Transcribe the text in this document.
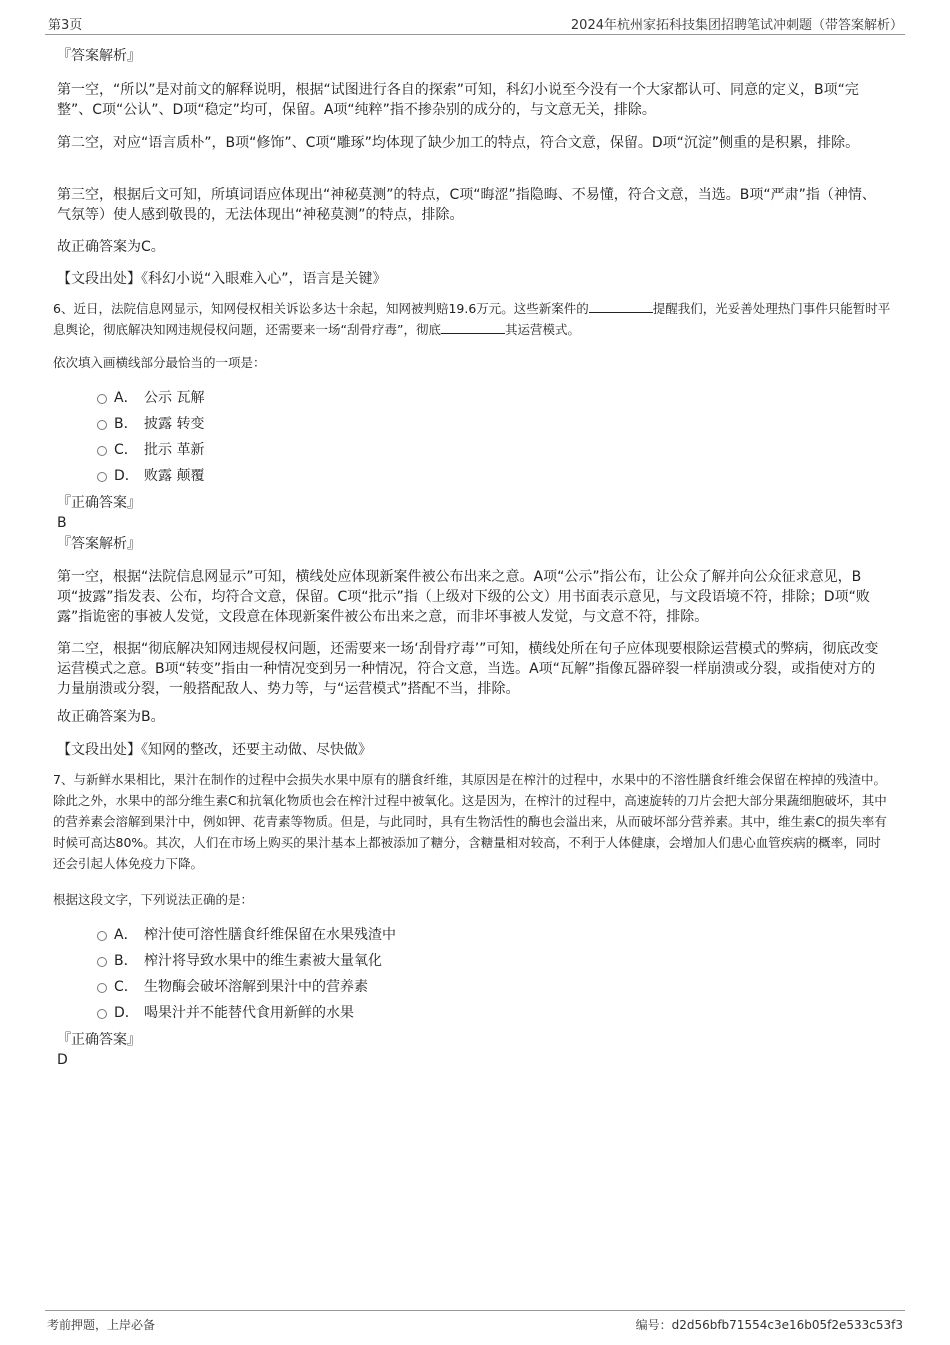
第3页	2024年杭州家拓科技集团招聘笔试冲刺题（带答案解析）

『答案解析』

第一空，“所以”是对前文的解释说明，根据“试图进行各自的探索”可知，科幻小说至今没有一个大家都认可、同意的定义，B项“完整”、C项“公认”、D项“稳定”均可，保留。A项“纯粹”指不掺杂别的成分的，与文意无关，排除。

第二空，对应“语言质朴”，B项“修饰”、C项“雕琢”均体现了缺少加工的特点，符合文意，保留。D项“沉淀”侧重的是积累，排除。

第三空，根据后文可知，所填词语应体现出“神秘莫测”的特点，C项“晦涩”指隐晦、不易懂，符合文意，当选。B项“严肃”指（神情、气氛等）使人感到敬畏的，无法体现出“神秘莫测”的特点，排除。

故正确答案为C。

【文段出处】《科幻小说“入眼难入心”，语言是关键》

6、近日，法院信息网显示，知网侵权相关诉讼多达十余起，知网被判赔19.6万元。这些新案件的	提醒我们，光妥善处理热门事件只能暂时平息舆论，彻底解决知网违规侵权问题，还需要来一场“刮骨疗毒”，彻底	其运营模式。

依次填入画横线部分最恰当的一项是：

A． 公示 瓦解
B． 披露 转变
C． 批示 革新
D． 败露 颠覆

『正确答案』

B

『答案解析』

第一空，根据“法院信息网显示”可知，横线处应体现新案件被公布出来之意。A项“公示”指公布，让公众了解并向公众征求意见，B项“披露”指发表、公布，均符合文意，保留。C项“批示”指（上级对下级的公文）用书面表示意见，与文段语境不符，排除；D项“败露”指诡密的事被人发觉，文段意在体现新案件被公布出来之意，而非坏事被人发觉，与文意不符，排除。

第二空，根据“彻底解决知网违规侵权问题，还需要来一场‘刮骨疗毒’”可知，横线处所在句子应体现要根除运营模式的弊病，彻底改变运营模式之意。B项“转变”指由一种情况变到另一种情况，符合文意，当选。A项“瓦解”指像瓦器碎裂一样崩溃或分裂，或指使对方的力量崩溃或分裂，一般搭配敌人、势力等，与“运营模式”搭配不当，排除。

故正确答案为B。

【文段出处】《知网的整改，还要主动做、尽快做》

7、与新鲜水果相比，果汁在制作的过程中会损失水果中原有的膳食纤维，其原因是在榨汁的过程中，水果中的不溶性膳食纤维会保留在榨掉的残渣中。除此之外，水果中的部分维生素C和抗氧化物质也会在榨汁过程中被氧化。这是因为，在榨汁的过程中，高速旋转的刀片会把大部分果蔬细胞破坏，其中的营养素会溶解到果汁中，例如钾、花青素等物质。但是，与此同时，具有生物活性的酶也会溢出来，从而破坏部分营养素。其中，维生素C的损失率有时候可高达80%。其次，人们在市场上购买的果汁基本上都被添加了糖分，含糖量相对较高，不利于人体健康，会增加人们患心血管疾病的概率，同时还会引起人体免疫力下降。

根据这段文字，下列说法正确的是：

A． 榨汁使可溶性膳食纤维保留在水果残渣中
B． 榨汁将导致水果中的维生素被大量氧化
C． 生物酶会破坏溶解到果汁中的营养素
D． 喝果汁并不能替代食用新鲜的水果

『正确答案』

D

考前押题，上岸必备	编号：d2d56bfb71554c3e16b05f2e533c53f3
